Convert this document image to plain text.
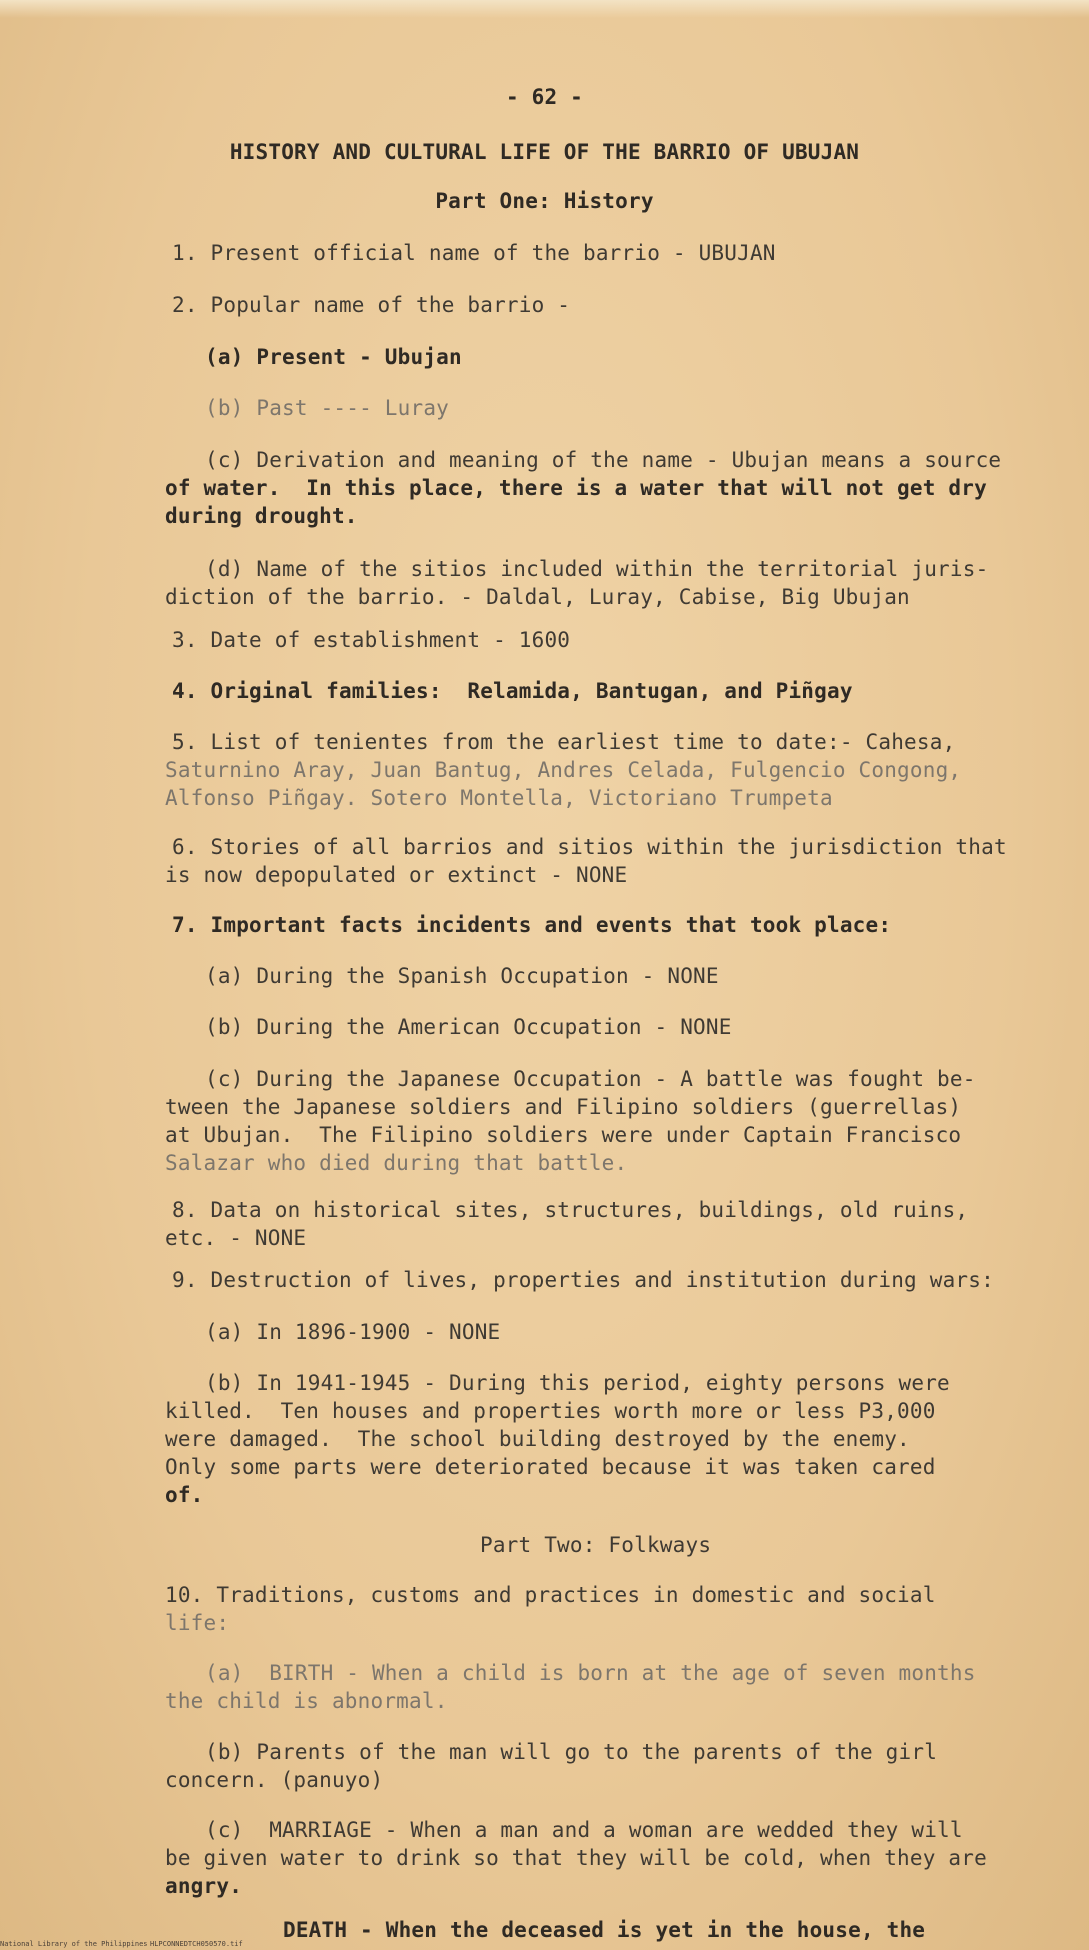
- 62 -
HISTORY AND CULTURAL LIFE OF THE BARRIO OF UBUJAN
Part One: History
1. Present official name of the barrio - UBUJAN
2. Popular name of the barrio -
(a) Present - Ubujan
(b) Past ---- Luray
(c) Derivation and meaning of the name - Ubujan means a source
of water.  In this place, there is a water that will not get dry
during drought.
(d) Name of the sitios included within the territorial juris-
diction of the barrio. - Daldal, Luray, Cabise, Big Ubujan
3. Date of establishment - 1600
4. Original families:  Relamida, Bantugan, and Piñgay
5. List of tenientes from the earliest time to date:- Cahesa,
Saturnino Aray, Juan Bantug, Andres Celada, Fulgencio Congong,
Alfonso Piñgay. Sotero Montella, Victoriano Trumpeta
6. Stories of all barrios and sitios within the jurisdiction that
is now depopulated or extinct - NONE
7. Important facts incidents and events that took place:
(a) During the Spanish Occupation - NONE
(b) During the American Occupation - NONE
(c) During the Japanese Occupation - A battle was fought be-
tween the Japanese soldiers and Filipino soldiers (guerrellas)
at Ubujan.  The Filipino soldiers were under Captain Francisco
Salazar who died during that battle.
8. Data on historical sites, structures, buildings, old ruins,
etc. - NONE
9. Destruction of lives, properties and institution during wars:
(a) In 1896-1900 - NONE
(b) In 1941-1945 - During this period, eighty persons were
killed.  Ten houses and properties worth more or less P3,000
were damaged.  The school building destroyed by the enemy.
Only some parts were deteriorated because it was taken cared
of.
Part Two: Folkways
10. Traditions, customs and practices in domestic and social
life:
(a)  BIRTH - When a child is born at the age of seven months
the child is abnormal.
(b) Parents of the man will go to the parents of the girl
concern. (panuyo)
(c)  MARRIAGE - When a man and a woman are wedded they will
be given water to drink so that they will be cold, when they are
angry.
DEATH - When the deceased is yet in the house, the
National Library of the Philippines HLPCONNEDTCH050570.tif
